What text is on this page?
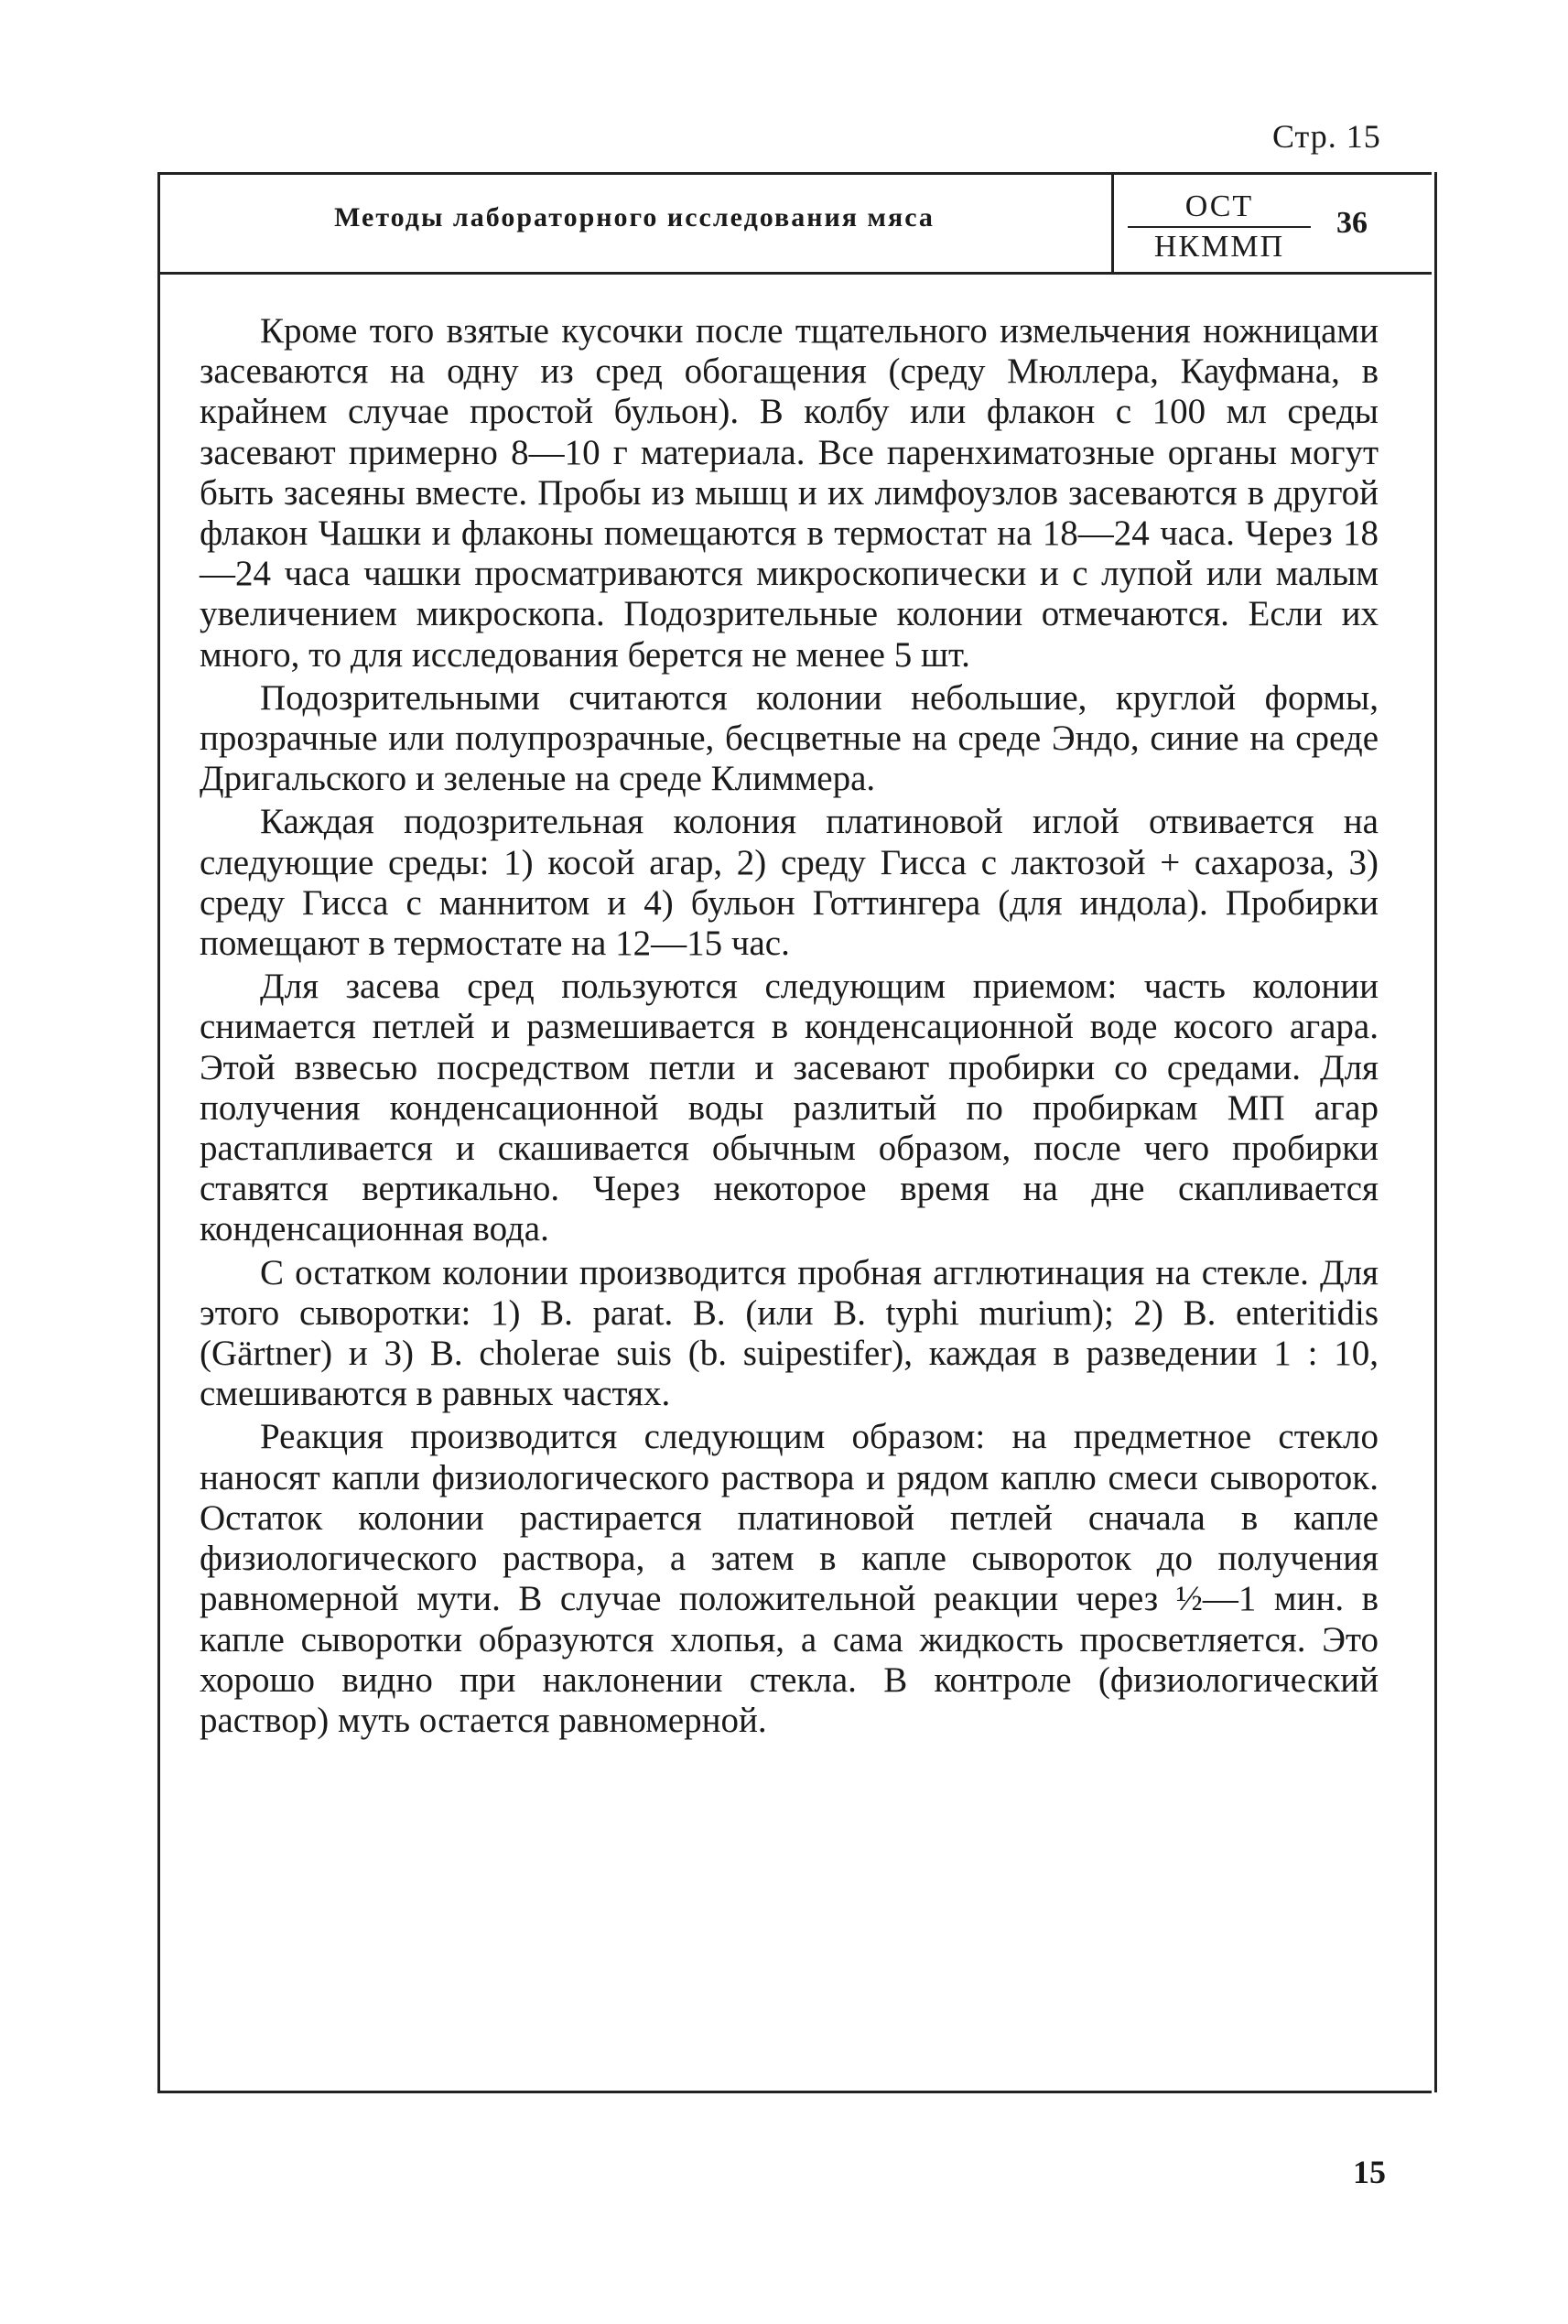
Стр. 15
Методы лабораторного исследования мяса	ОСТ
НКММП
36

Кроме того взятые кусочки после тщательного измельчения ножницами засеваются на одну из сред обогащения (среду Мюллера, Кауфмана, в крайнем случае простой бульон). В колбу или флакон с 100 мл среды засевают примерно 8—10 г материала. Все паренхиматозные органы могут быть засеяны вместе. Пробы из мышц и их лимфоузлов засеваются в другой флакон Чашки и флаконы помещаются в термостат на 18—24 часа. Через 18—24 часа чашки просматриваются микроскопически и с лупой или малым увеличением микроскопа. Подозрительные колонии отмечаются. Если их много, то для исследования берется не менее 5 шт.

Подозрительными считаются колонии небольшие, круглой формы, прозрачные или полупрозрачные, бесцветные на среде Эндо, синие на среде Дригальского и зеленые на среде Климмера.

Каждая подозрительная колония платиновой иглой отвивается на следующие среды: 1) косой агар, 2) среду Гисса с лактозой + сахароза, 3) среду Гисса с маннитом и 4) бульон Готтингера (для индола). Пробирки помещают в термостате на 12—15 час.

Для засева сред пользуются следующим приемом: часть колонии снимается петлей и размешивается в конденсационной воде косого агара. Этой взвесью посредством петли и засевают пробирки со средами. Для получения конденсационной воды разлитый по пробиркам МП агар растапливается и скашивается обычным образом, после чего пробирки ставятся вертикально. Через некоторое время на дне скапливается конденсационная вода.

С остатком колонии производится пробная агглютинация на стекле. Для этого сыворотки: 1) B. parat. B. (или B. typhi murium); 2) B. enteritidis (Gärtner) и 3) B. cholerae suis (b. suipestifer), каждая в разведении 1 : 10, смешиваются в равных частях.

Реакция производится следующим образом: на предметное стекло наносят капли физиологического раствора и рядом каплю смеси сывороток. Остаток колонии растирается платиновой петлей сначала в капле физиологического раствора, а затем в капле сывороток до получения равномерной мути. В случае положительной реакции через ½—1 мин. в капле сыворотки образуются хлопья, а сама жидкость просветляется. Это хорошо видно при наклонении стекла. В контроле (физиологический раствор) муть остается равномерной.

15
